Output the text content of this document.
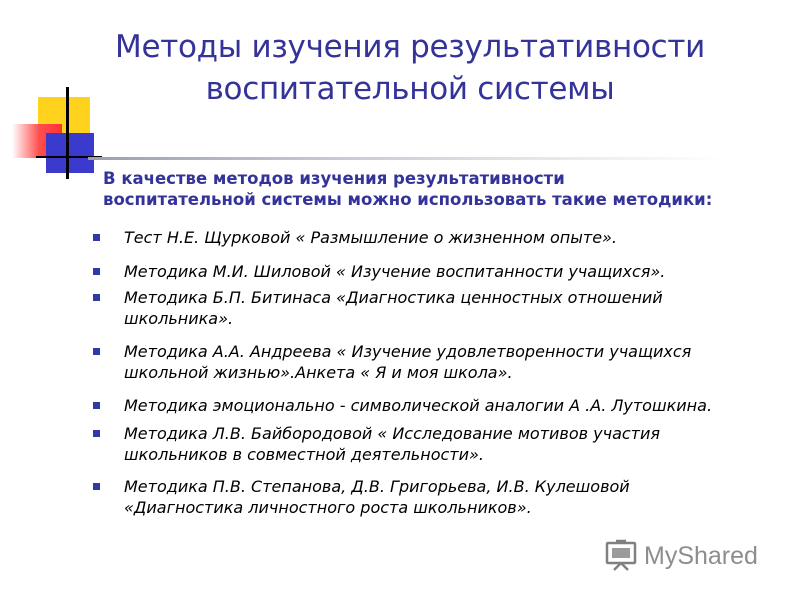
Методы изучения результативности
воспитательной системы
В качестве методов изучения результативности
воспитательной системы можно использовать такие методики:
Тест Н.Е. Щурковой « Размышление о жизненном опыте».
Методика М.И. Шиловой « Изучение воспитанности учащихся».
Методика Б.П. Битинаса «Диагностика ценностных отношений
школьника».
Методика А.А. Андреева « Изучение удовлетворенности учащихся
школьной жизнью».Анкета « Я и моя школа».
Методика эмоционально - символической аналогии А .А. Лутошкина.
Методика Л.В. Байбородовой « Исследование мотивов участия
школьников в совместной деятельности».
Методика П.В. Степанова, Д.В. Григорьева, И.В. Кулешовой
«Диагностика личностного роста школьников».
MyShared
